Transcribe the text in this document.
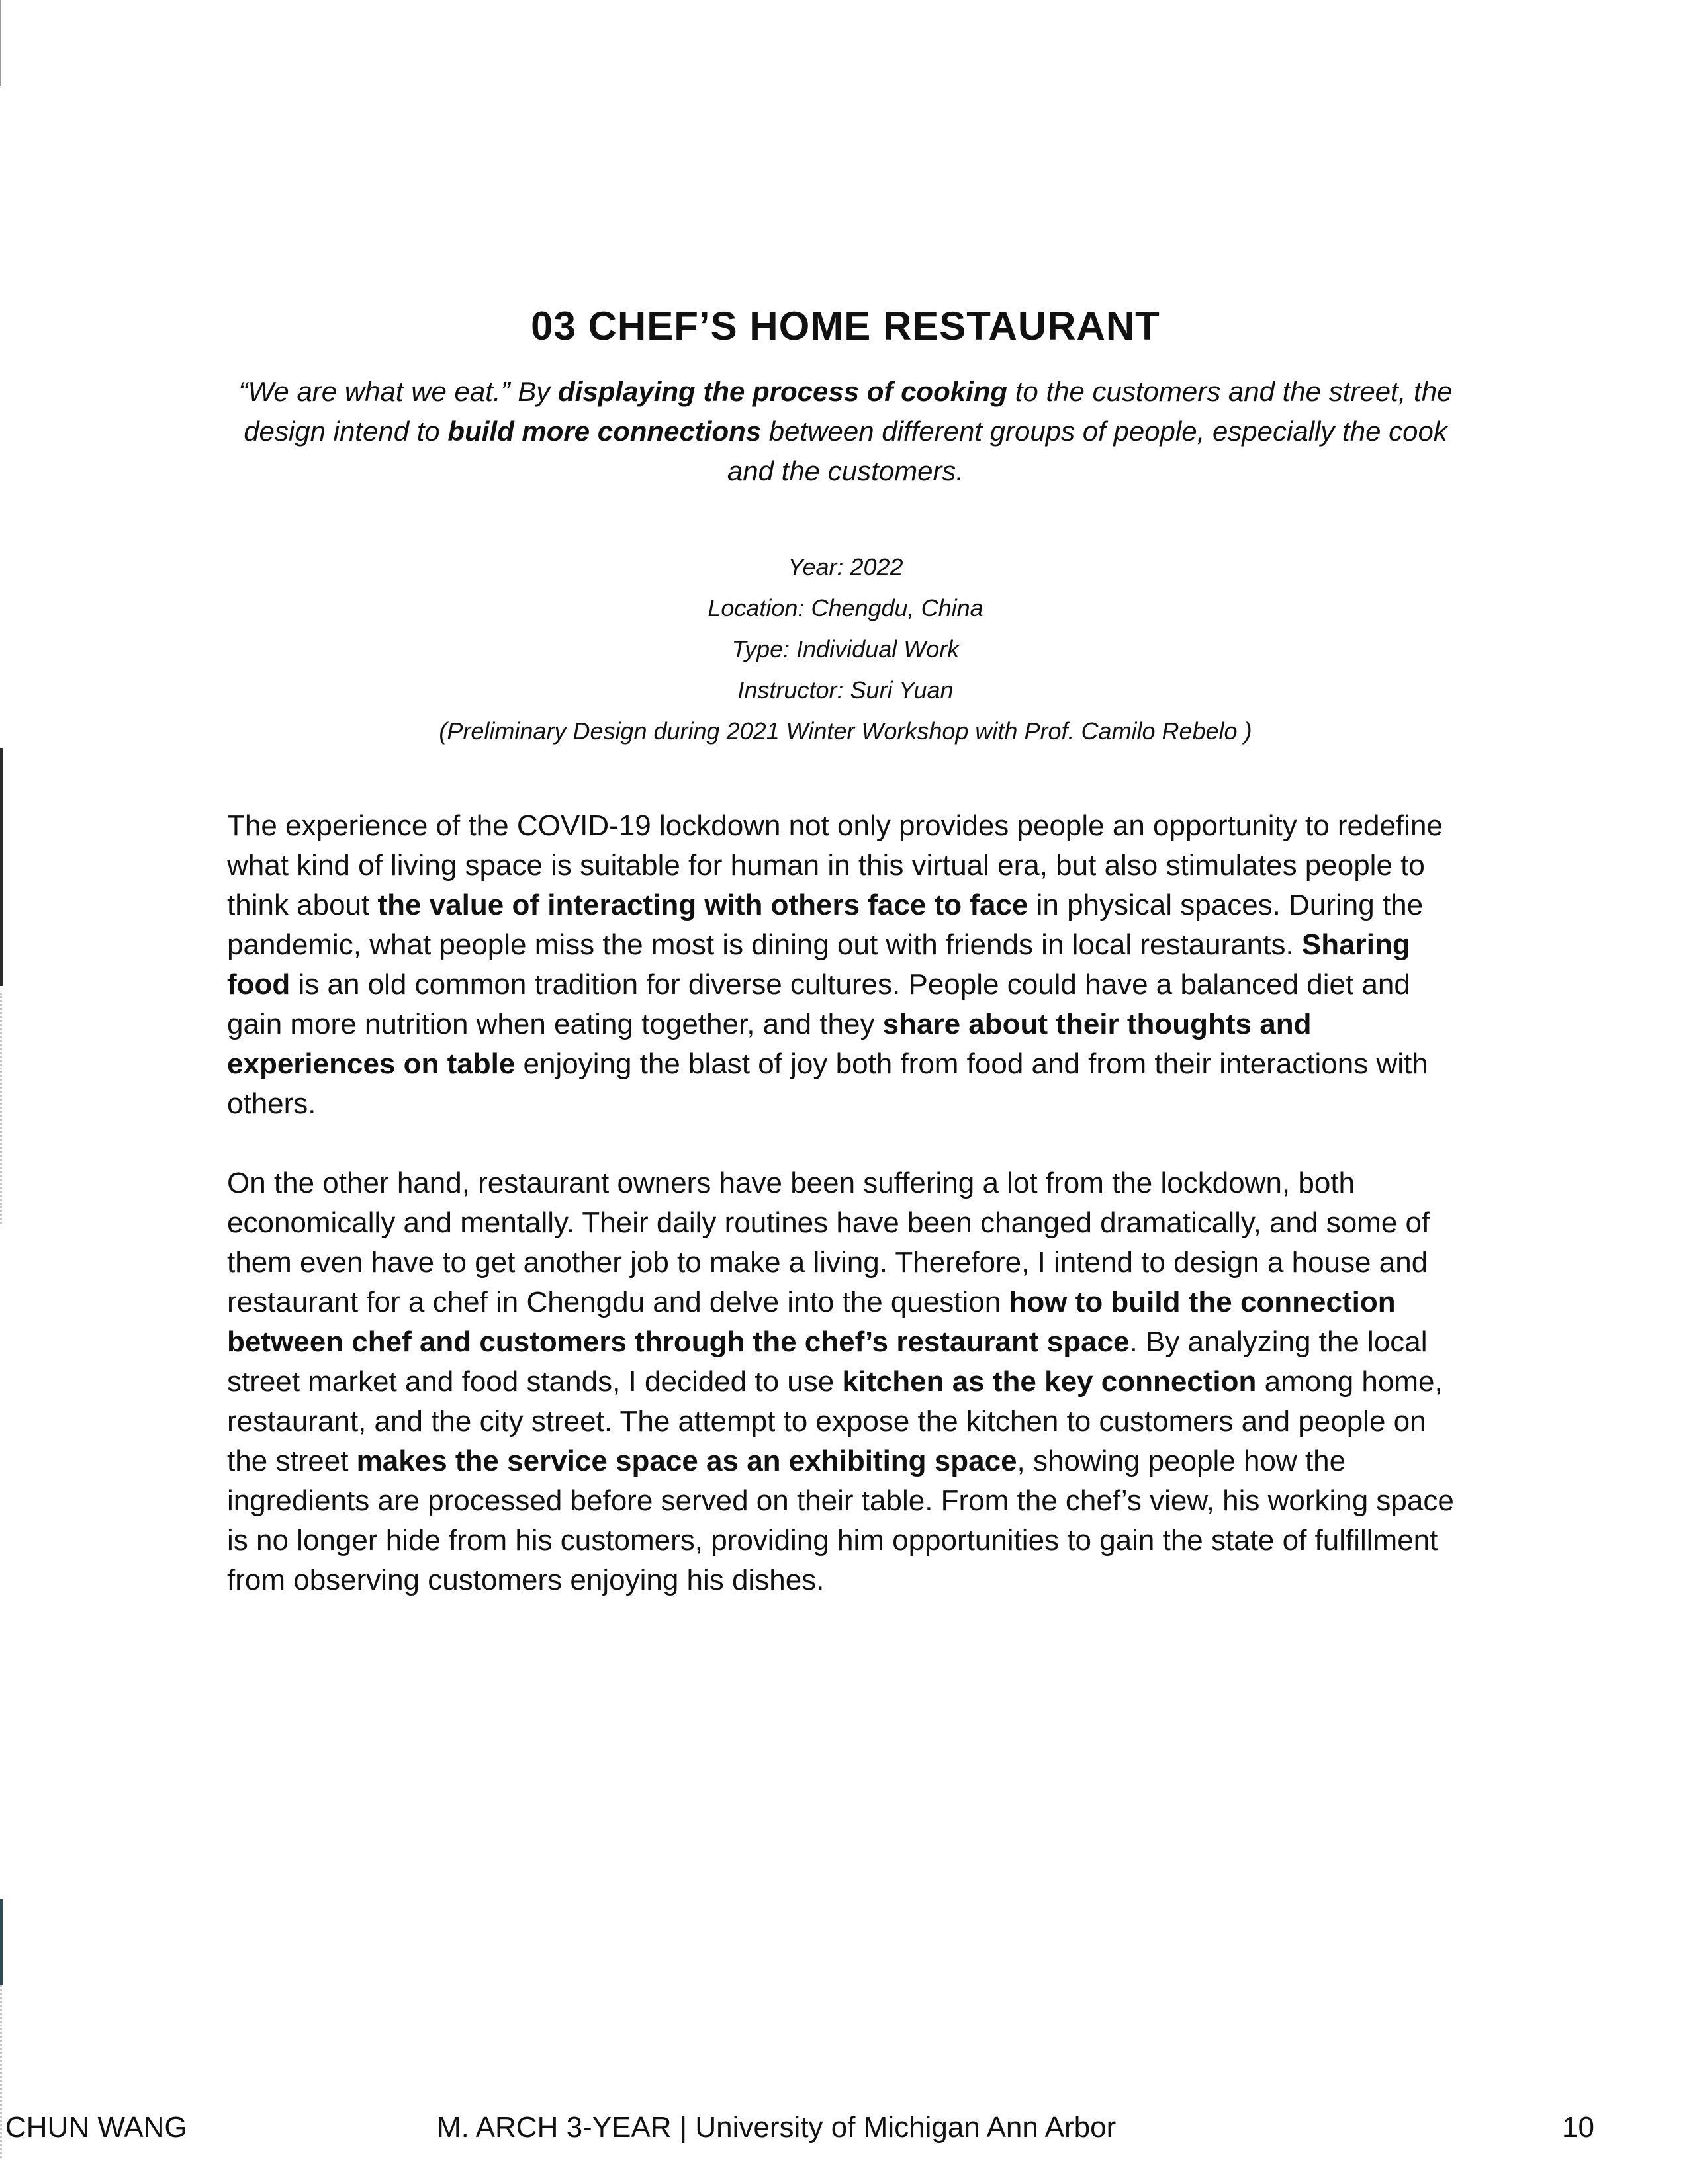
03 CHEF’S HOME RESTAURANT
“We are what we eat.” By displaying the process of cooking to the customers and the street, the design intend to build more connections between different groups of people, especially the cook and the customers.
Year: 2022
Location: Chengdu, China
Type: Individual Work
Instructor: Suri Yuan
(Preliminary Design during 2021 Winter Workshop with Prof. Camilo Rebelo )
The experience of the COVID-19 lockdown not only provides people an opportunity to redefine what kind of living space is suitable for human in this virtual era, but also stimulates people to think about the value of interacting with others face to face in physical spaces. During the pandemic, what people miss the most is dining out with friends in local restaurants. Sharing food is an old common tradition for diverse cultures. People could have a balanced diet and gain more nutrition when eating together, and they share about their thoughts and experiences on table enjoying the blast of joy both from food and from their interactions with others.
On the other hand, restaurant owners have been suffering a lot from the lockdown, both economically and mentally. Their daily routines have been changed dramatically, and some of them even have to get another job to make a living. Therefore, I intend to design a house and restaurant for a chef in Chengdu and delve into the question how to build the connection between chef and customers through the chef’s restaurant space. By analyzing the local street market and food stands, I decided to use kitchen as the key connection among home, restaurant, and the city street. The attempt to expose the kitchen to customers and people on the street makes the service space as an exhibiting space, showing people how the ingredients are processed before served on their table. From the chef’s view, his working space is no longer hide from his customers, providing him opportunities to gain the state of fulfillment from observing customers enjoying his dishes.
CHUN WANG	M. ARCH 3-YEAR | University of Michigan Ann Arbor	10
